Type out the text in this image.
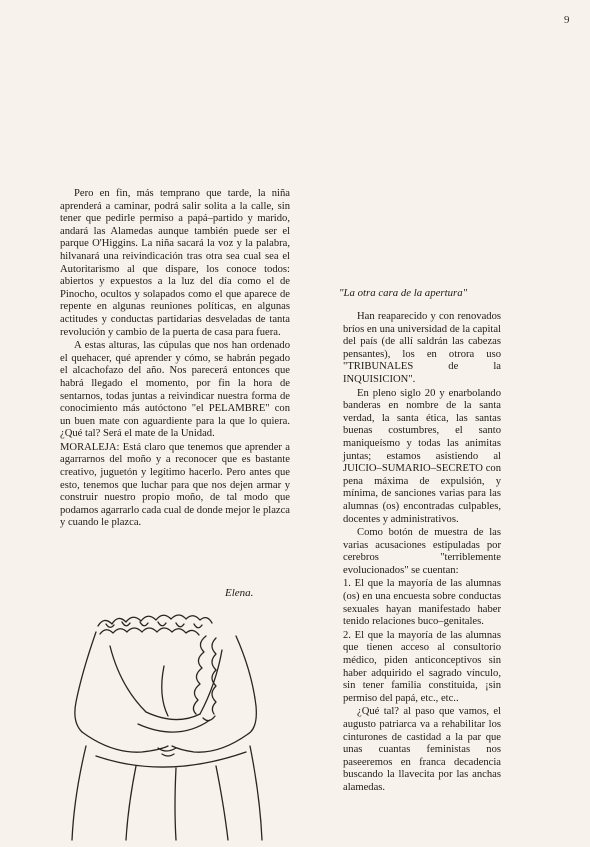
9

Pero en fin, más temprano que tarde, la niña aprenderá a caminar, podrá salir solita a la calle, sin tener que pedirle permiso a papá–partido y marido, andará las Alamedas aunque también puede ser el parque O'Higgins. La niña sacará la voz y la palabra, hilvanará una reivindicación tras otra sea cual sea el Autoritarismo al que dispare, los conoce todos: abiertos y expuestos a la luz del día como el de Pinocho, ocultos y solapados como el que aparece de repente en algunas reuniones políticas, en algunas actitudes y conductas partidarias desveladas de tanta revolución y cambio de la puerta de casa para fuera.

A estas alturas, las cúpulas que nos han ordenado el quehacer, qué aprender y cómo, se habrán pegado el alcachofazo del año. Nos parecerá entonces que habrá llegado el momento, por fin la hora de sentarnos, todas juntas a reivindicar nuestra forma de conocimiento más autóctono "el PELAMBRE" con un buen mate con aguardiente para la que lo quiera. ¿Qué tal? Será el mate de la Unidad.

MORALEJA: Está claro que tenemos que aprender a agarrarnos del moño y a reconocer que es bastante creativo, juguetón y legítimo hacerlo. Pero antes que esto, tenemos que luchar para que nos dejen armar y construir nuestro propio moño, de tal modo que podamos agarrarlo cada cual de donde mejor le plazca y cuando le plazca.

Elena.
"La otra cara de la apertura"

Han reaparecido y con renovados bríos en una universidad de la capital del país (de allí saldrán las cabezas pensantes), los en otrora uso "TRIBUNALES de la INQUISICION".

En pleno siglo 20 y enarbolando banderas en nombre de la santa verdad, la santa ética, las santas buenas costumbres, el santo maniqueísmo y todas las animitas juntas; estamos asistiendo al JUICIO–SUMARIO–SECRETO con pena máxima de expulsión, y mínima, de sanciones varias para las alumnas (os) encontradas culpables, docentes y administrativos.

Como botón de muestra de las varias acusaciones estipuladas por cerebros "terriblemente evolucionados" se cuentan:

1. El que la mayoría de las alumnas (os) en una encuesta sobre conductas sexuales hayan manifestado haber tenido relaciones buco–genitales.

2. El que la mayoría de las alumnas que tienen acceso al consultorio médico, piden anticonceptivos sin haber adquirido el sagrado vínculo, sin tener familia constituida, ¡sin permiso del papá, etc., etc..

¿Qué tal? al paso que vamos, el augusto patriarca va a rehabilitar los cinturones de castidad a la par que unas cuantas feministas nos paseeremos en franca decadencia buscando la llavecita por las anchas alamedas.
